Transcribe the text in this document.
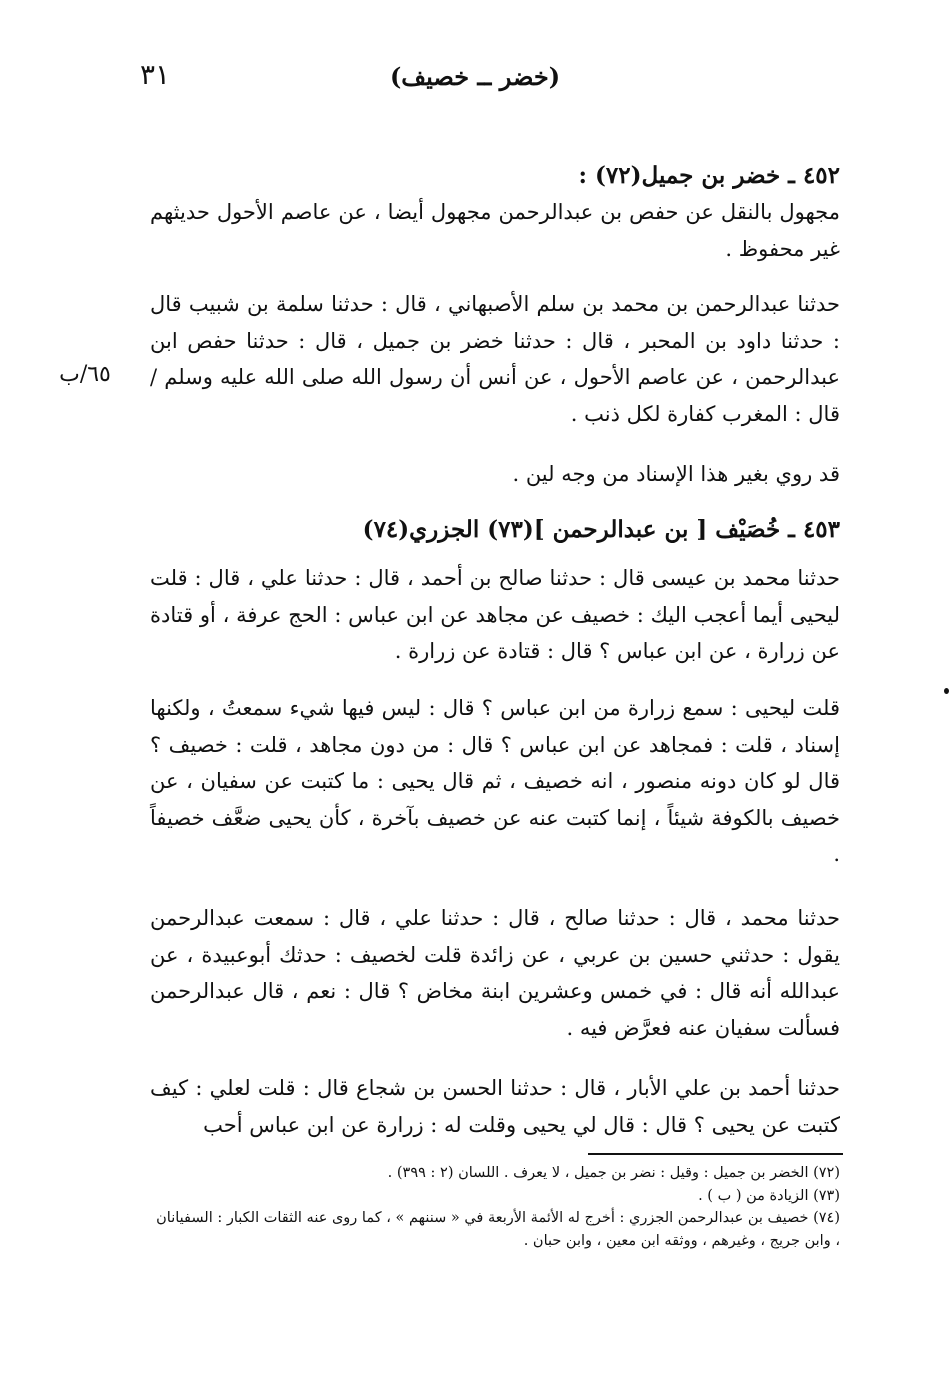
٣١	(خضر ــ خصيف)
٦٥/ب
٤٥٢ ـ خضر بن جميل(٧٢) :
مجهول بالنقل عن حفص بن عبدالرحمن مجهول أيضا ، عن عاصم الأحول حديثهم غير محفوظ .
حدثنا عبدالرحمن بن محمد بن سلم الأصبهاني ، قال : حدثنا سلمة بن شبيب قال : حدثنا داود بن المحبر ، قال : حدثنا خضر بن جميل ، قال : حدثنا حفص ابن عبدالرحمن ، عن عاصم الأحول ، عن أنس أن رسول الله صلى الله عليه وسلم / قال : المغرب كفارة لكل ذنب .
قد روي بغير هذا الإسناد من وجه لين .
٤٥٣ ـ خُصَيْف [ بن عبدالرحمن ](٧٣) الجزري(٧٤)
حدثنا محمد بن عيسى قال : حدثنا صالح بن أحمد ، قال : حدثنا علي ، قال : قلت ليحيى أيما أعجب اليك : خصيف عن مجاهد عن ابن عباس : الحج عرفة ، أو قتادة عن زرارة ، عن ابن عباس ؟ قال : قتادة عن زرارة .
قلت ليحيى : سمع زرارة من ابن عباس ؟ قال : ليس فيها شيء سمعتُ ، ولكنها إسناد ، قلت : فمجاهد عن ابن عباس ؟ قال : من دون مجاهد ، قلت : خصيف ؟ قال لو كان دونه منصور ، انه خصيف ، ثم قال يحيى : ما كتبت عن سفيان ، عن خصيف بالكوفة شيئاً ، إنما كتبت عنه عن خصيف بآخرة ، كأن يحيى ضعَّف خصيفاً .
حدثنا محمد ، قال : حدثنا صالح ، قال : حدثنا علي ، قال : سمعت عبدالرحمن يقول : حدثني حسين بن عربي ، عن زائدة قلت لخصيف : حدثك أبوعبيدة ، عن عبدالله أنه قال : في خمس وعشرين ابنة مخاض ؟ قال : نعم ، قال عبدالرحمن فسألت سفيان عنه فعرَّض فيه .
حدثنا أحمد بن علي الأبار ، قال : حدثنا الحسن بن شجاع قال : قلت لعلي : كيف كتبت عن يحيى ؟ قال : قال لي يحيى وقلت له : زرارة عن ابن عباس أحب
(٧٢) الخضر بن جميل : وقيل : نضر بن جميل ، لا يعرف . اللسان (٢ : ٣٩٩) .
(٧٣) الزيادة من ( ب ) .
(٧٤) خصيف بن عبدالرحمن الجزري : أخرج له الأئمة الأربعة في « سننهم » ، كما روى عنه الثقات الكبار : السفيانان ، وابن جريج ، وغيرهم ، ووثقه ابن معين ، وابن حبان .
